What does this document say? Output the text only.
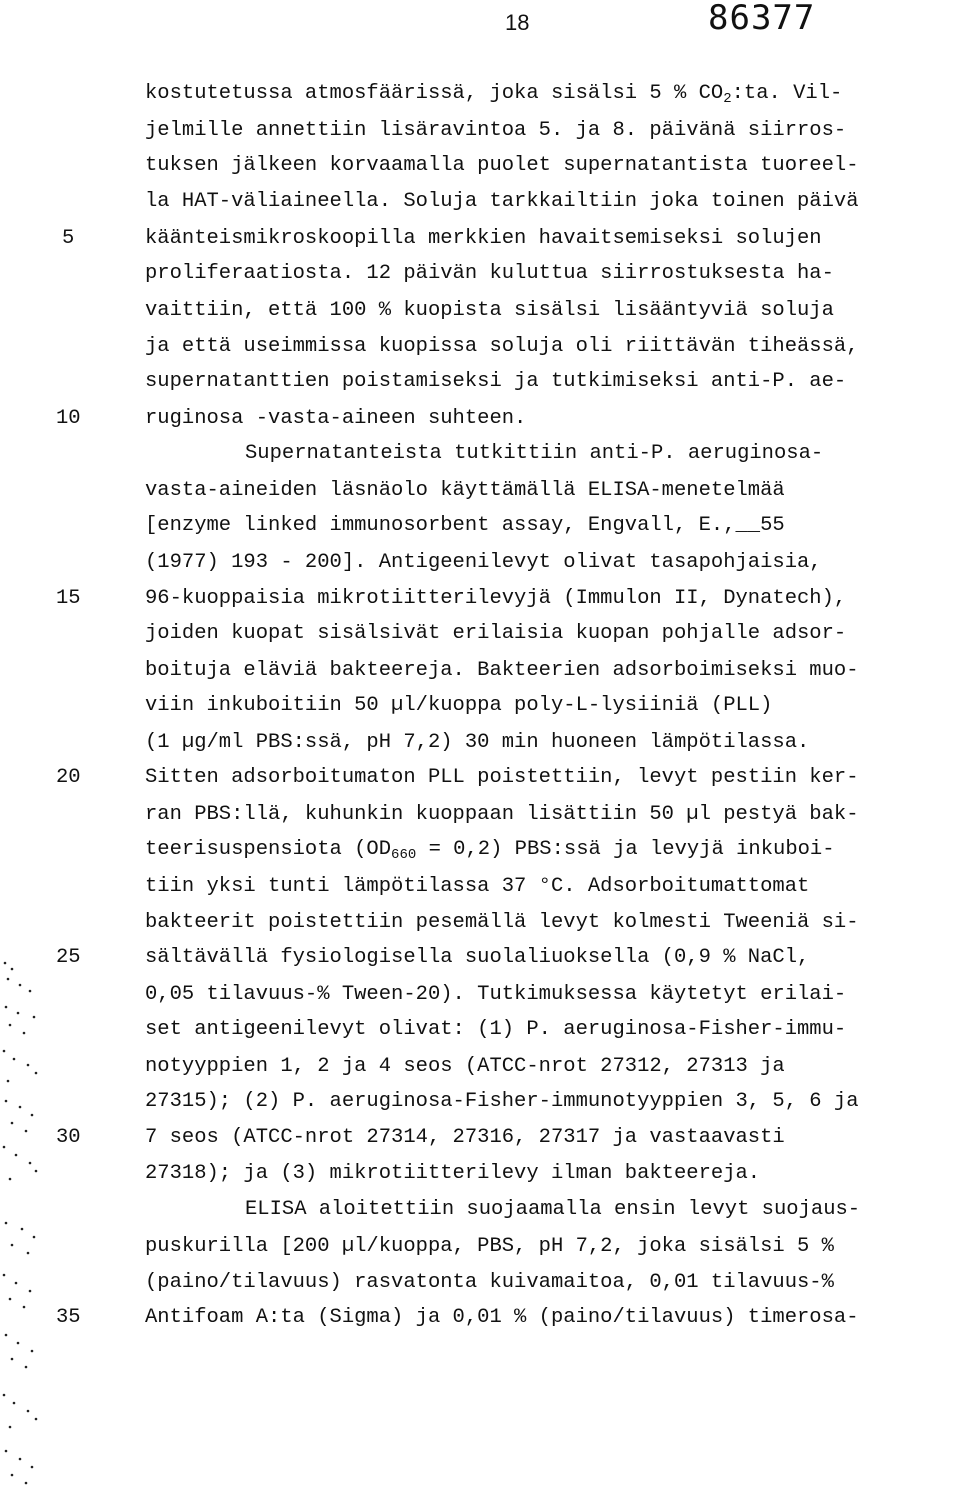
18	86377
kostutetussa atmosfäärissä, joka sisälsi 5 % $CO_2:ta$. Vil-
jelmille annettiin lisäravintoa 5. ja 8. päivänä siirros-
tuksen jälkeen korvaamalla puolet supernatantista tuoreel-
la HAT-väliaineella. Soluja tarkkailtiin joka toinen päivä
käänteismikroskoopilla merkkien havaitsemiseksi solujen
proliferaatiosta. 12 päivän kuluttua siirrostuksesta ha-
vaittiin, että 100 % kuopista sisälsi lisääntyviä soluja
ja että useimmissa kuopissa soluja oli riittävän tiheässä,
supernatanttien poistamiseksi ja tutkimiseksi anti-P. ae-
ruginosa -vasta-aineen suhteen.
Supernatanteista tutkittiin anti-P. aeruginosa-
vasta-aineiden läsnäolo käyttämällä ELISA-menetelmää
[enzyme linked immunosorbent assay, Engvall, E.,__55
(1977) 193 - 200]. Antigeenilevyt olivat tasapohjaisia,
96-kuoppaisia mikrotiitterilevyjä (Immulon II, Dynatech),
joiden kuopat sisälsivät erilaisia kuopan pohjalle adsor-
boituja eläviä bakteereja. Bakteerien adsorboimiseksi muo-
viin inkuboitiin 50 µl/kuoppa poly-L-lysiiniä (PLL)
(1 µg/ml PBS:ssä, pH 7,2) 30 min huoneen lämpötilassa.
Sitten adsorboitumaton PLL poistettiin, levyt pestiin ker-
ran PBS:llä, kuhunkin kuoppaan lisättiin 50 µl pestyä bak-
teerisuspensiota $(OD_{660} = 0,2)$ PBS:ssä ja levyjä inkuboi-
tiin yksi tunti lämpötilassa 37 °C. Adsorboitumattomat
bakteerit poistettiin pesemällä levyt kolmesti Tweeniä si-
sältävällä fysiologisella suolaliuoksella (0,9 % NaCl,
0,05 tilavuus-% Tween-20). Tutkimuksessa käytetyt erilai-
set antigeenilevyt olivat: (1) P. aeruginosa-Fisher-immu-
notyyppien 1, 2 ja 4 seos (ATCC-nrot 27312, 27313 ja
27315); (2) P. aeruginosa-Fisher-immunotyyppien 3, 5, 6 ja
7 seos (ATCC-nrot 27314, 27316, 27317 ja vastaavasti
27318); ja (3) mikrotiitterilevy ilman bakteereja.
ELISA aloitettiin suojaamalla ensin levyt suojaus-
puskurilla [200 µl/kuoppa, PBS, pH 7,2, joka sisälsi 5 %
(paino/tilavuus) rasvatonta kuivamaitoa, 0,01 tilavuus-%
Antifoam A:ta (Sigma) ja 0,01 % (paino/tilavuus) timerosa-
5
10
15
20
25
30
35
